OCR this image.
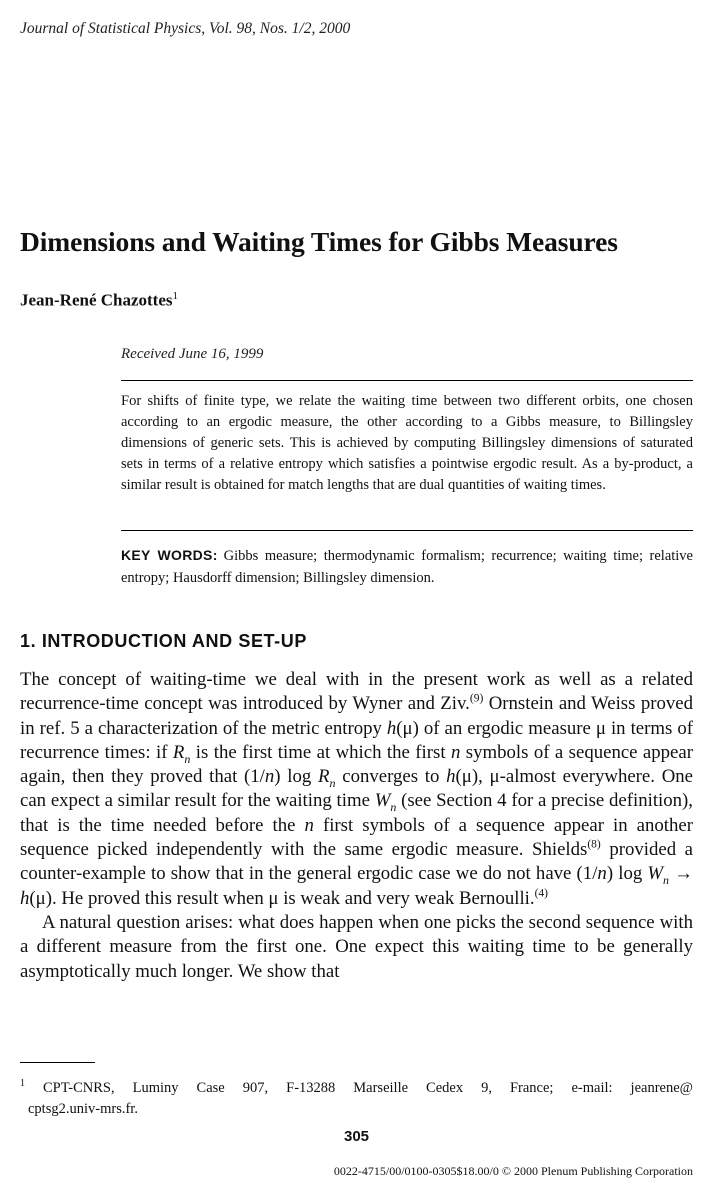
Journal of Statistical Physics, Vol. 98, Nos. 1/2, 2000
Dimensions and Waiting Times for Gibbs Measures
Jean-René Chazottes$^1$
Received June 16, 1999

For shifts of finite type, we relate the waiting time between two different orbits, one chosen according to an ergodic measure, the other according to a Gibbs measure, to Billingsley dimensions of generic sets. This is achieved by computing Billingsley dimensions of saturated sets in terms of a relative entropy which satisfies a pointwise ergodic result. As a by-product, a similar result is obtained for match lengths that are dual quantities of waiting times.

KEY WORDS: Gibbs measure; thermodynamic formalism; recurrence; waiting time; relative entropy; Hausdorff dimension; Billingsley dimension.

1. INTRODUCTION AND SET-UP

The concept of waiting-time we deal with in the present work as well as a related recurrence-time concept was introduced by Wyner and Ziv.$^{(9)}$ Ornstein and Weiss proved in ref. 5 a characterization of the metric entropy h(μ) of an ergodic measure μ in terms of recurrence times: if $R_n$ is the first time at which the first n symbols of a sequence appear again, then they proved that (1/n) $\log R_n$ converges to h(μ), μ-almost everywhere. One can expect a similar result for the waiting time $W_n$ (see Section 4 for a precise definition), that is the time needed before the n first symbols of a sequence appear in another sequence picked independently with the same ergodic measure. Shields$^{(8)}$ provided a counter-example to show that in the general ergodic case we do not have (1/n) $\log W_n \to h(\mu)$. He proved this result when μ is weak and very weak Bernoulli.$^{(4)}$

A natural question arises: what does happen when one picks the second sequence with a different measure from the first one. One expect this waiting time to be generally asymptotically much longer. We show that

$^1$ CPT-CNRS, Luminy Case 907, F-13288 Marseille Cedex 9, France; e-mail: jeanrene@
cptsg2.univ-mrs.fr.

305
0022-4715/00/0100-0305$18.00/0 © 2000 Plenum Publishing Corporation
